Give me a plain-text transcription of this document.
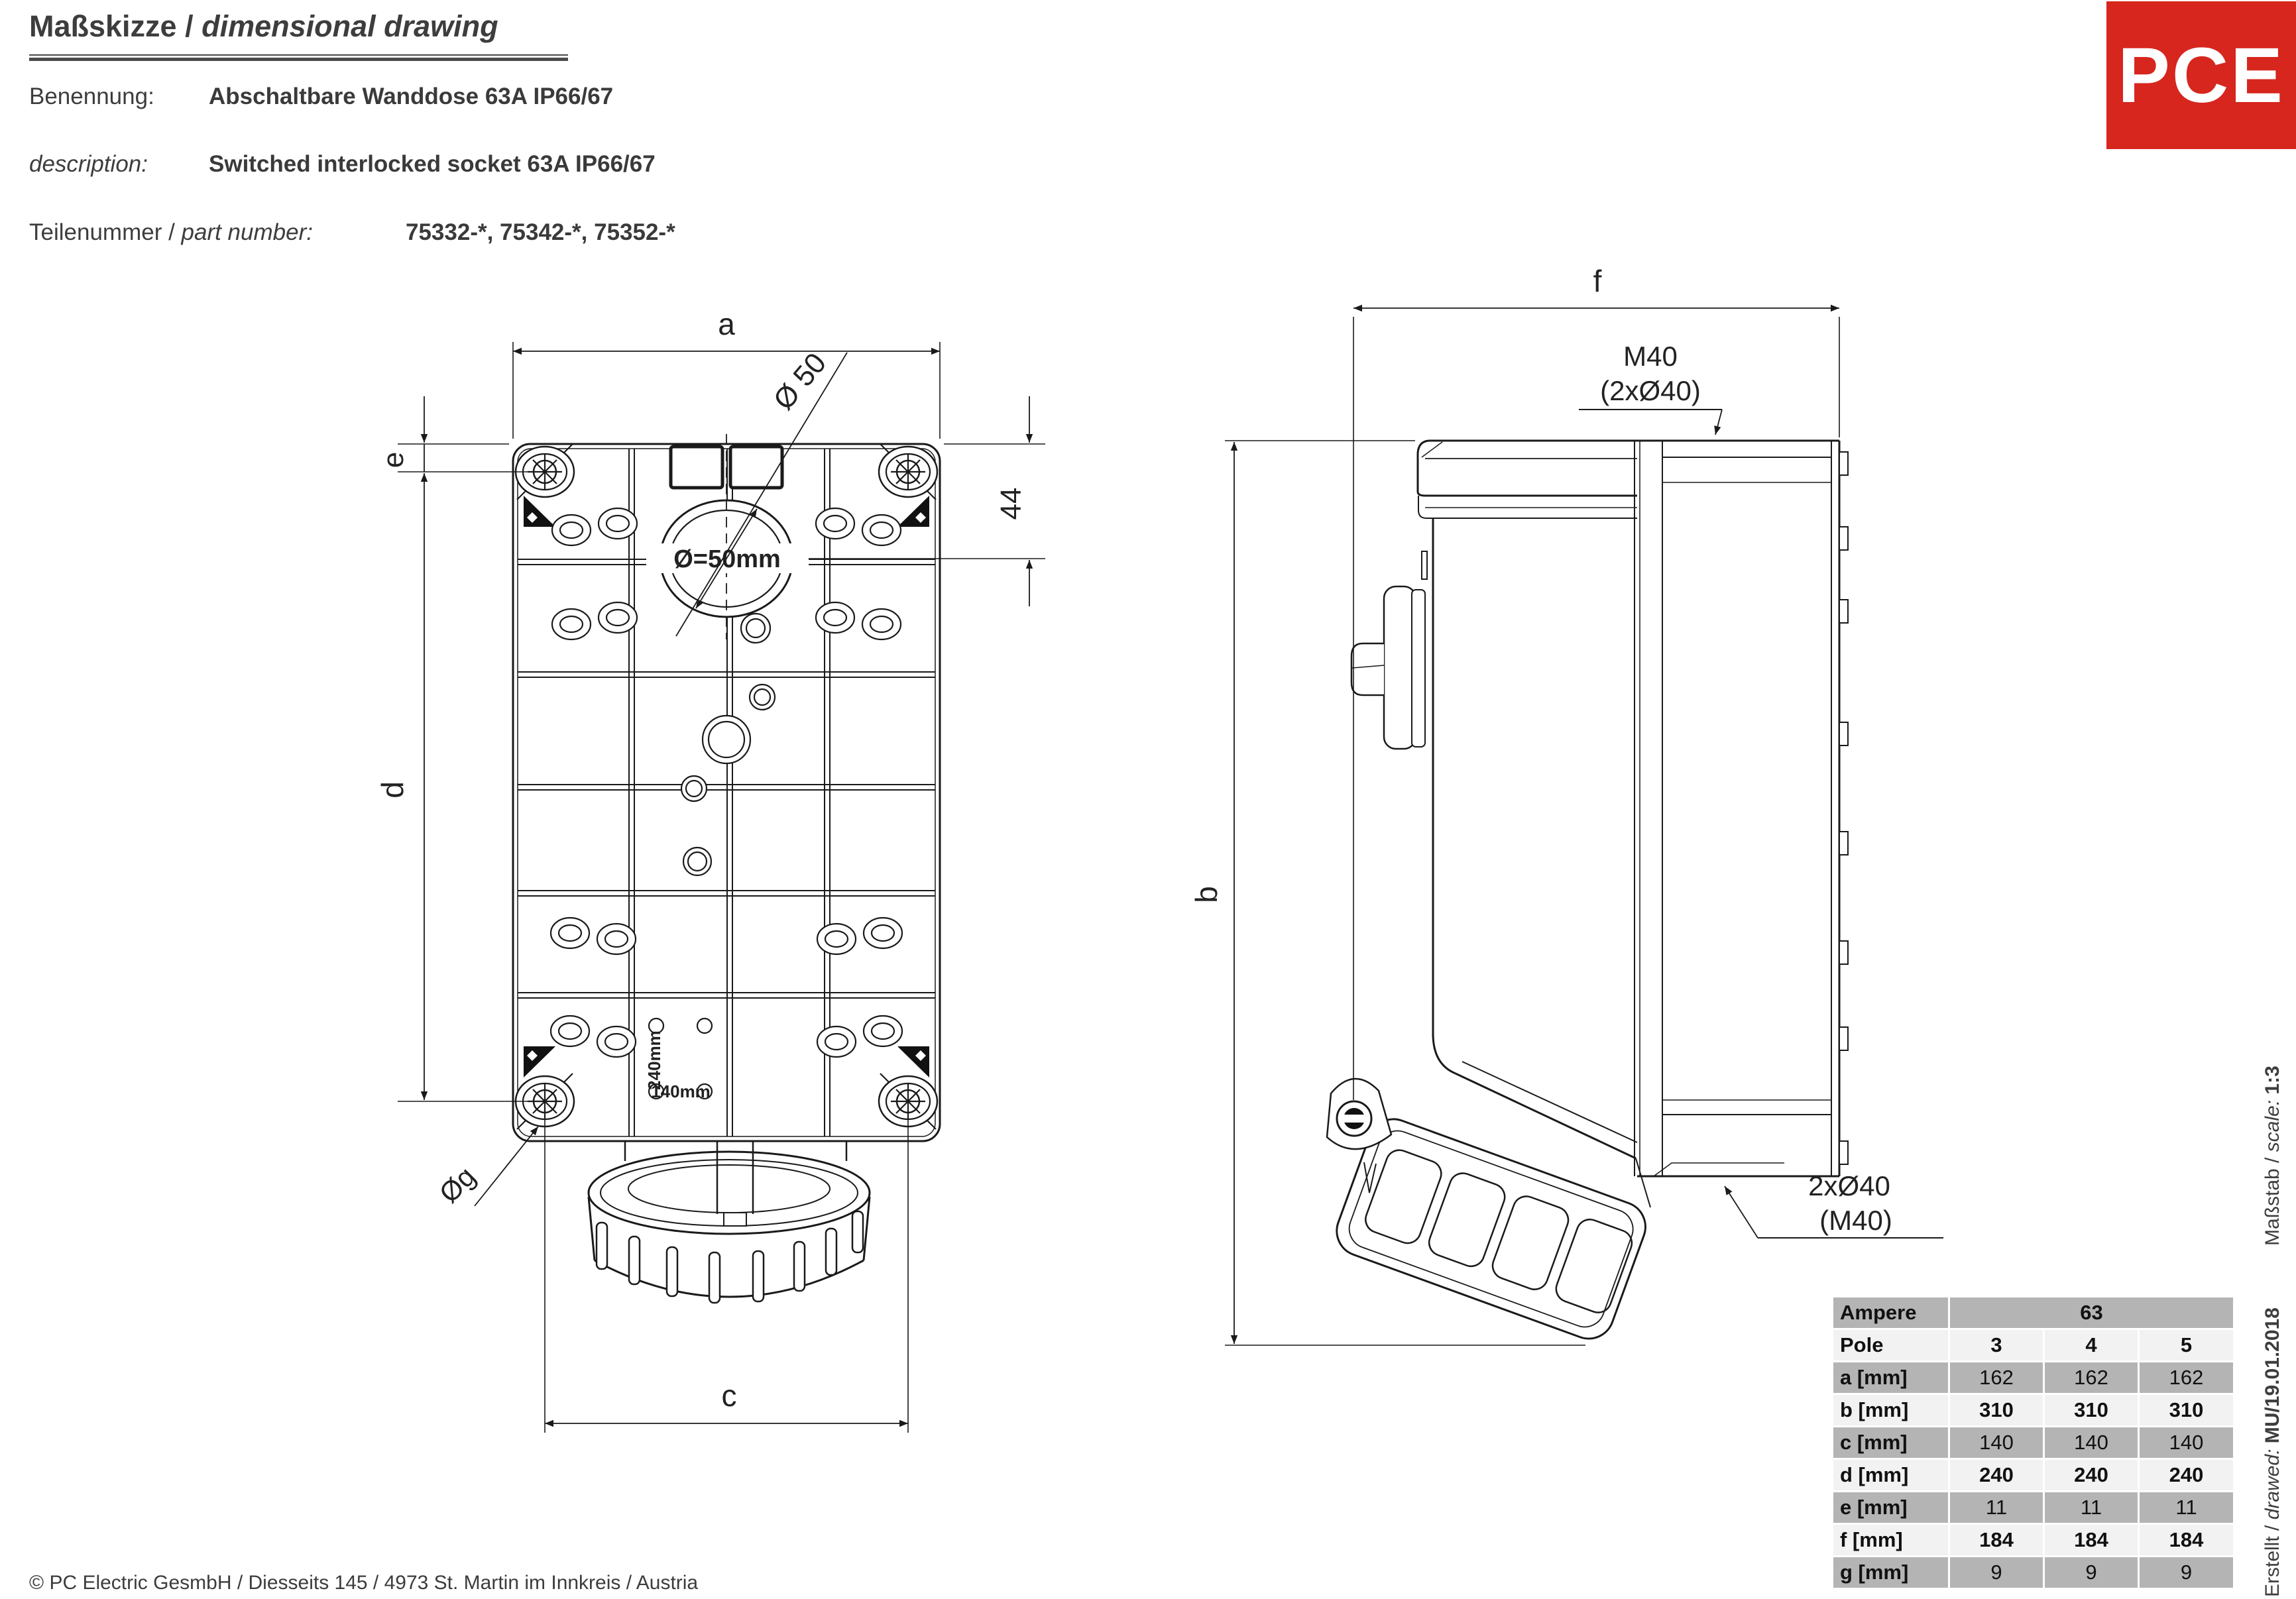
Maßskizze / dimensional drawing
Benennung: Abschaltbare Wanddose 63A IP66/67
description:	Switched interlocked socket 63A IP66/67
Teilenummer / part number:	75332-*, 75342-*, 75352-*
PCE
240mm
140mm
Ø=50mm
Ø 50
a
e
d
44
c
Øg
f
b
M40
(2xØ40)
2xØ40
(M40)
Ampere	63
Pole	3	4	5
a [mm]	162	162	162
b [mm]	310	310	310
c [mm]	140	140	140
d [mm]	240	240	240
e [mm]	11	11	11
f [mm]	184	184	184
g [mm]	9	9	9
Maßstab / scale: 1:3
Erstellt / drawed: MU/19.01.2018
© PC Electric GesmbH / Diesseits 145 / 4973 St. Martin im Innkreis / Austria
